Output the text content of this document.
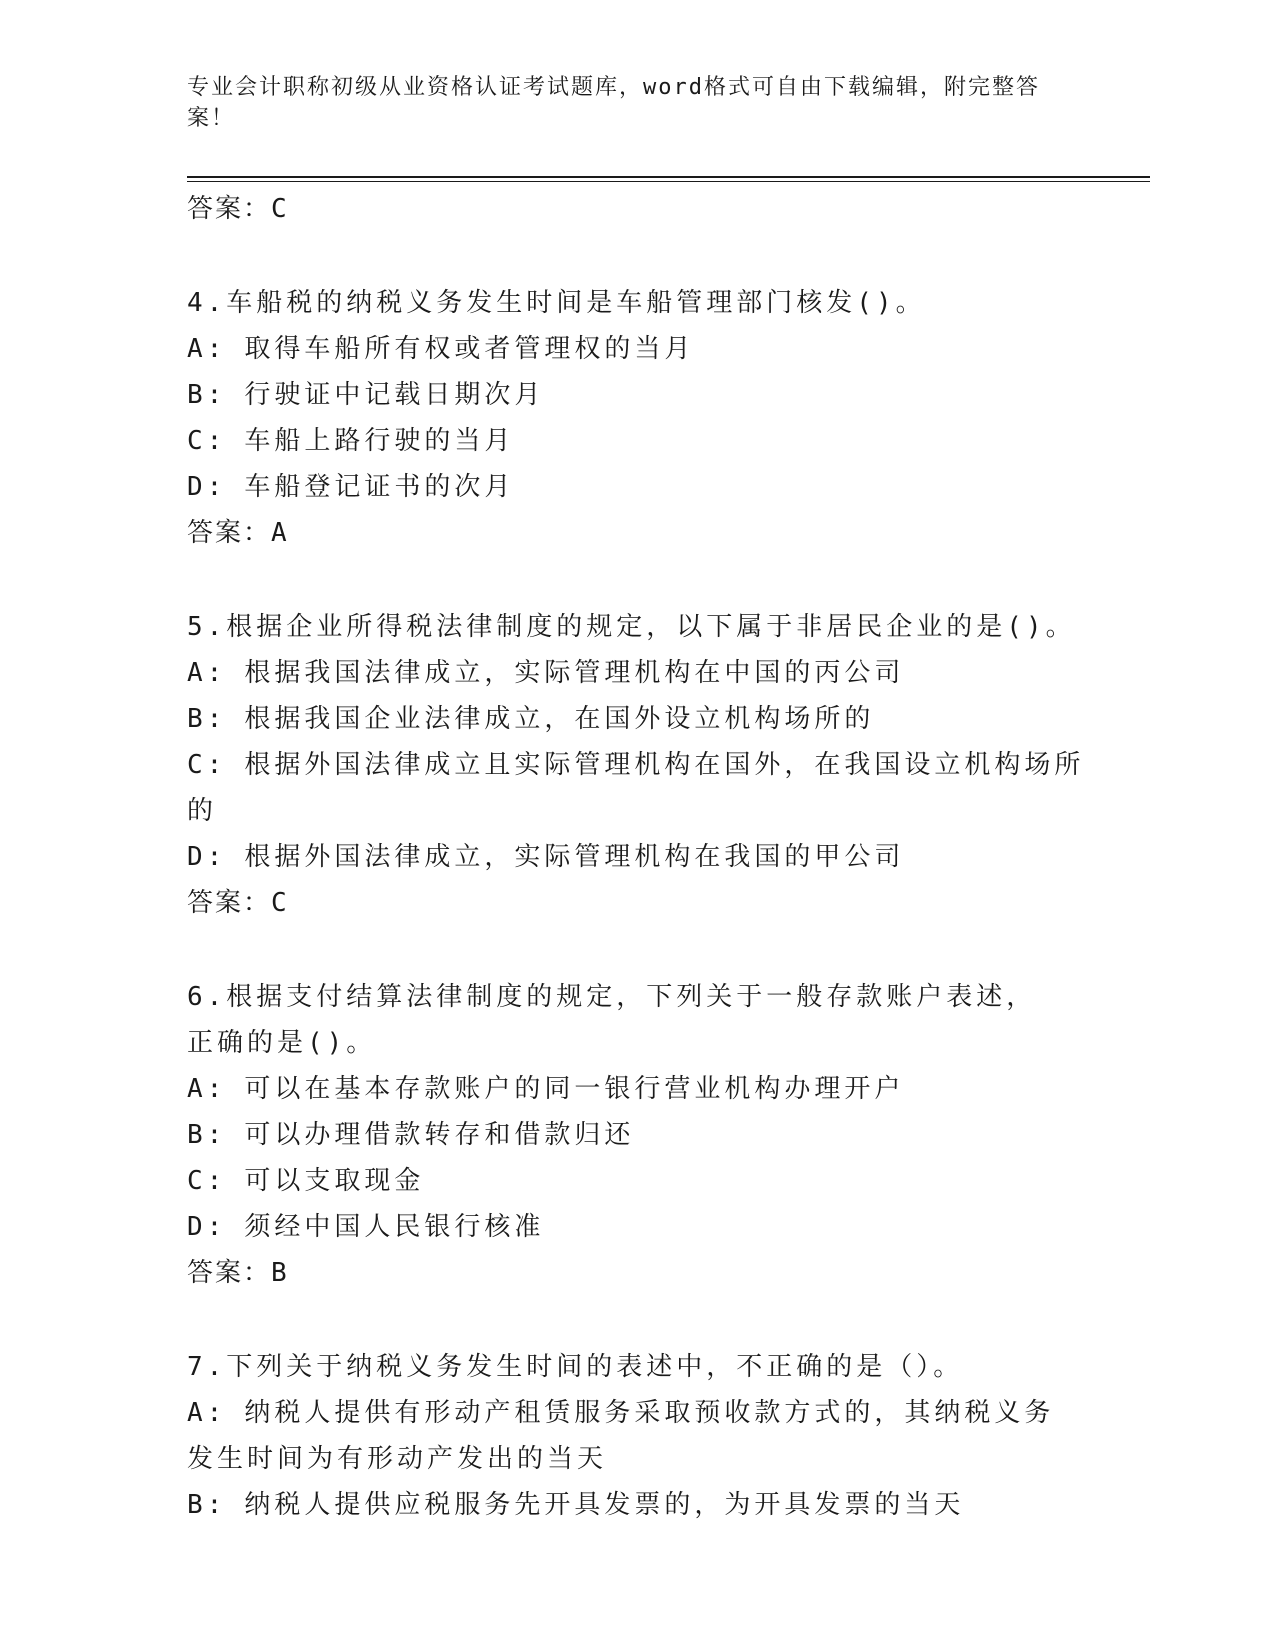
专业会计职称初级从业资格认证考试题库，word格式可自由下载编辑，附完整答案！
答案：C
4.车船税的纳税义务发生时间是车船管理部门核发()。
A: 取得车船所有权或者管理权的当月
B: 行驶证中记载日期次月
C: 车船上路行驶的当月
D: 车船登记证书的次月
答案：A
5.根据企业所得税法律制度的规定，以下属于非居民企业的是()。
A: 根据我国法律成立，实际管理机构在中国的丙公司
B: 根据我国企业法律成立，在国外设立机构场所的
C: 根据外国法律成立且实际管理机构在国外，在我国设立机构场所的
D: 根据外国法律成立，实际管理机构在我国的甲公司
答案：C
6.根据支付结算法律制度的规定，下列关于一般存款账户表述，正确的是()。
A: 可以在基本存款账户的同一银行营业机构办理开户
B: 可以办理借款转存和借款归还
C: 可以支取现金
D: 须经中国人民银行核准
答案：B
7.下列关于纳税义务发生时间的表述中，不正确的是（）。
A: 纳税人提供有形动产租赁服务采取预收款方式的，其纳税义务发生时间为有形动产发出的当天
B: 纳税人提供应税服务先开具发票的，为开具发票的当天
